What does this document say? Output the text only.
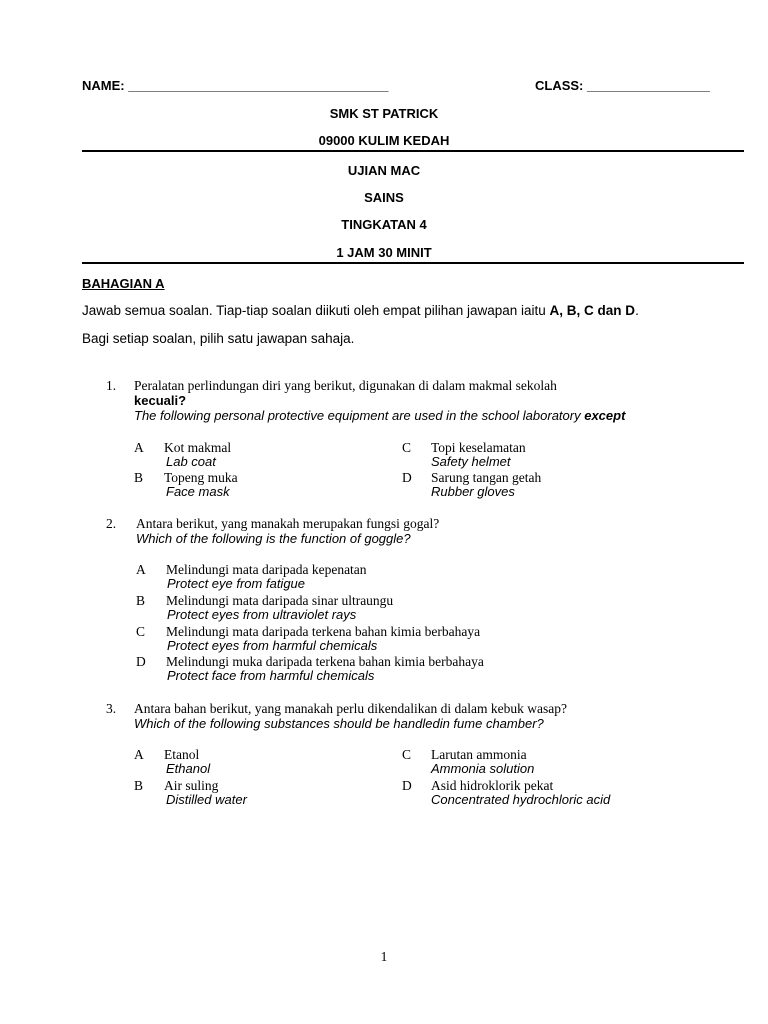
NAME: ____________________________________	CLASS: _________________
SMK ST PATRICK
09000 KULIM KEDAH
UJIAN MAC
SAINS
TINGKATAN 4
1 JAM 30 MINIT
BAHAGIAN A
Jawab semua soalan. Tiap-tiap soalan diikuti oleh empat pilihan jawapan iaitu A, B, C dan D.
Bagi setiap soalan, pilih satu jawapan sahaja.
1. Peralatan perlindungan diri yang berikut, digunakan di dalam makmal sekolah
kecuali?
The following personal protective equipment are used in the school laboratory except
A Kot makmal
Lab coat
B Topeng muka
Face mask
C Topi keselamatan
Safety helmet
D Sarung tangan getah
Rubber gloves
2. Antara berikut, yang manakah merupakan fungsi gogal?
Which of the following is the function of goggle?
A Melindungi mata daripada kepenatan
Protect eye from fatigue
B Melindungi mata daripada sinar ultraungu
Protect eyes from ultraviolet rays
C Melindungi mata daripada terkena bahan kimia berbahaya
Protect eyes from harmful chemicals
D Melindungi muka daripada terkena bahan kimia berbahaya
Protect face from harmful chemicals
3. Antara bahan berikut, yang manakah perlu dikendalikan di dalam kebuk wasap?
Which of the following substances should be handledin fume chamber?
A Etanol
Ethanol
B Air suling
Distilled water
C Larutan ammonia
Ammonia solution
D Asid hidroklorik pekat
Concentrated hydrochloric acid
1
